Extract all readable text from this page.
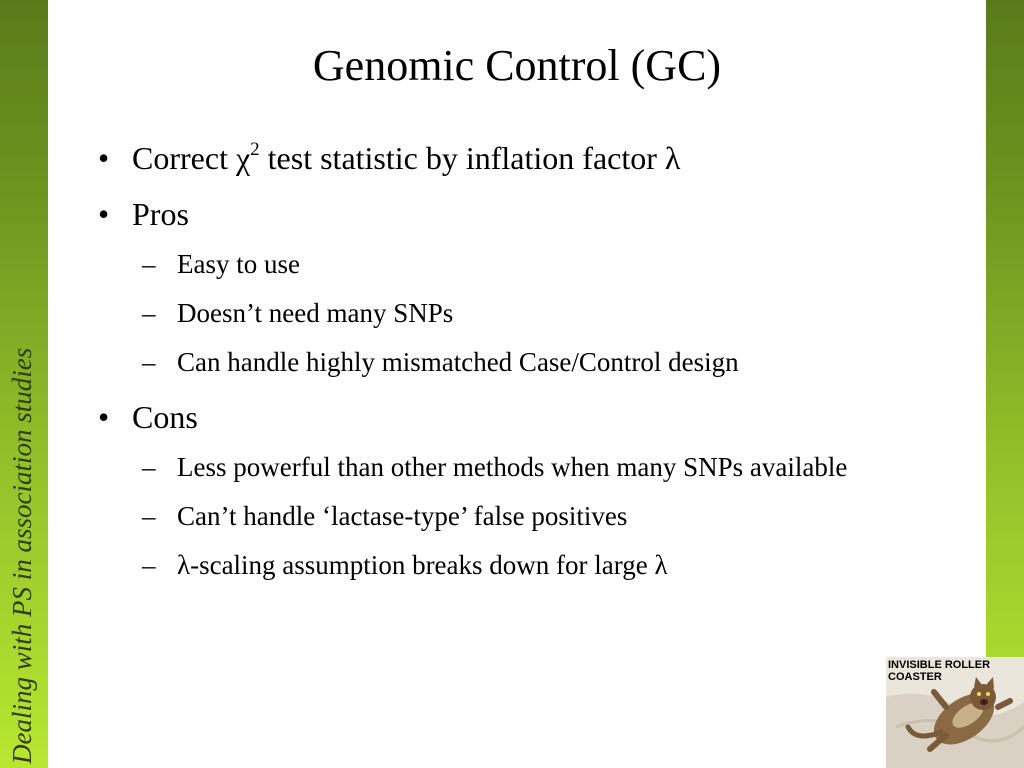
Dealing with PS in association studies
Genomic Control (GC)
• Correct $\chi^2$ test statistic by inflation factor λ
• Pros
– Easy to use
– Doesn’t need many SNPs
– Can handle highly mismatched Case/Control design
• Cons
– Less powerful than other methods when many SNPs available
– Can’t handle ‘lactase-type’ false positives
– λ-scaling assumption breaks down for large λ
INVISIBLE ROLLER
COASTER
